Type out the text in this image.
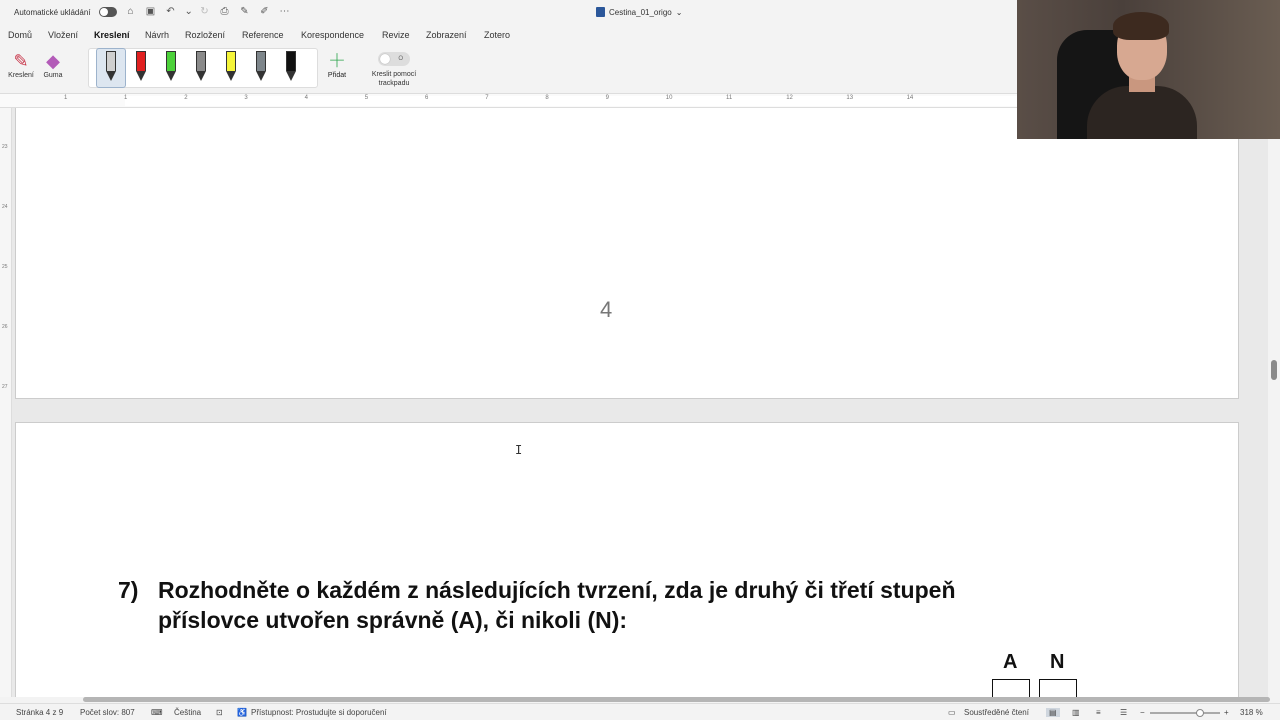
Automatické ukládání	⌂ ▣ ↶ ⌄ ↻ ⎙ ✎ ✐ ⋯	Cestina_01_origo ⌄
Domů Vložení Kreslení Návrh Rozložení Reference Korespondence Revize Zobrazení Zotero
✎
Kreslení
◆
Guma
＋
Přidat
O
Kreslit pomocí trackpadu
1	1	2	3	4	5	6	7	8	9	10	11	12	13	14
23
24
25
26
27
4
I
7) Rozhodněte o každém z následujících tvrzení, zda je druhý či třetí stupeň příslovce utvořen správně (A), či nikoli (N):
A N
Stránka 4 z 9 Počet slov: 807 ⌨ Čeština ⊡ ♿ Přístupnost: Prostudujte si doporučení	▭ Soustředěné čtení	▤	▥ ≡ ☰ −	+ 318 %
